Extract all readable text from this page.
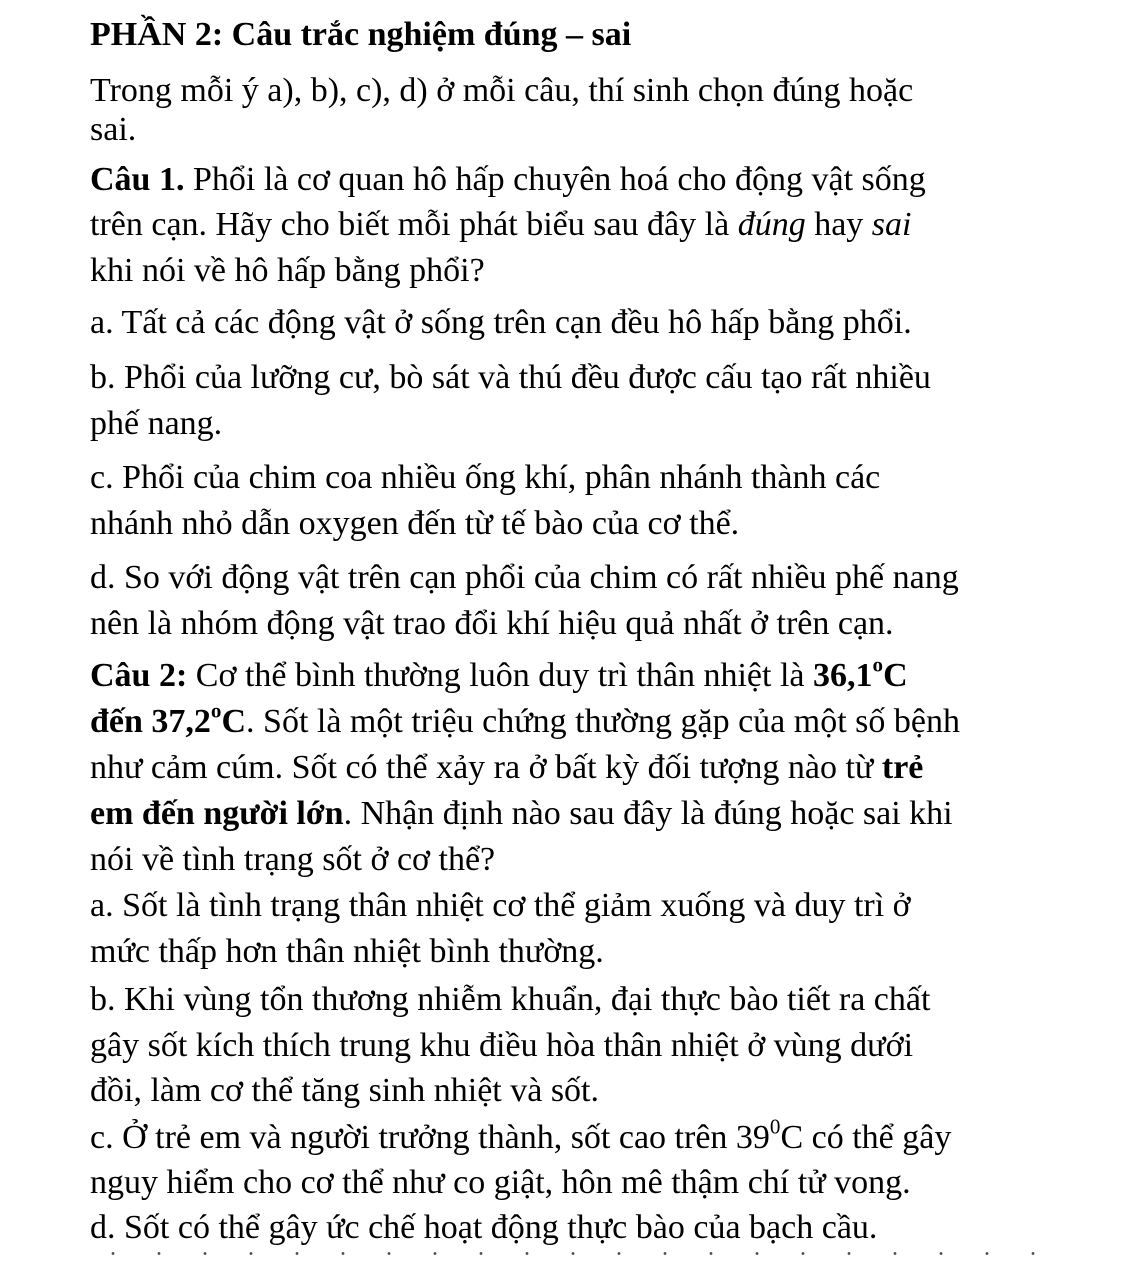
PHẦN 2: Câu trắc nghiệm đúng – sai
Trong mỗi ý a), b), c), d) ở mỗi câu, thí sinh chọn đúng hoặc
sai.
Câu 1. Phổi là cơ quan hô hấp chuyên hoá cho động vật sống
trên cạn. Hãy cho biết mỗi phát biểu sau đây là đúng hay sai
khi nói về hô hấp bằng phổi?
a. Tất cả các động vật ở sống trên cạn đều hô hấp bằng phổi.
b. Phổi của lưỡng cư, bò sát và thú đều được cấu tạo rất nhiều
phế nang.
c. Phổi của chim coa nhiều ống khí, phân nhánh thành các
nhánh nhỏ dẫn oxygen đến từ tế bào của cơ thể.
d. So với động vật trên cạn phổi của chim có rất nhiều phế nang
nên là nhóm động vật trao đổi khí hiệu quả nhất ở trên cạn.
Câu 2: Cơ thể bình thường luôn duy trì thân nhiệt là 36,1$^o$C
đến 37,2$^o$C. Sốt là một triệu chứng thường gặp của một số bệnh
như cảm cúm. Sốt có thể xảy ra ở bất kỳ đối tượng nào từ trẻ
em đến người lớn. Nhận định nào sau đây là đúng hoặc sai khi
nói về tình trạng sốt ở cơ thể?
a. Sốt là tình trạng thân nhiệt cơ thể giảm xuống và duy trì ở
mức thấp hơn thân nhiệt bình thường.
b. Khi vùng tổn thương nhiễm khuẩn, đại thực bào tiết ra chất
gây sốt kích thích trung khu điều hòa thân nhiệt ở vùng dưới
đồi, làm cơ thể tăng sinh nhiệt và sốt.
c. Ở trẻ em và người trưởng thành, sốt cao trên $39^0C$ có thể gây
nguy hiểm cho cơ thể như co giật, hôn mê thậm chí tử vong.
d. Sốt có thể gây ức chế hoạt động thực bào của bạch cầu.
